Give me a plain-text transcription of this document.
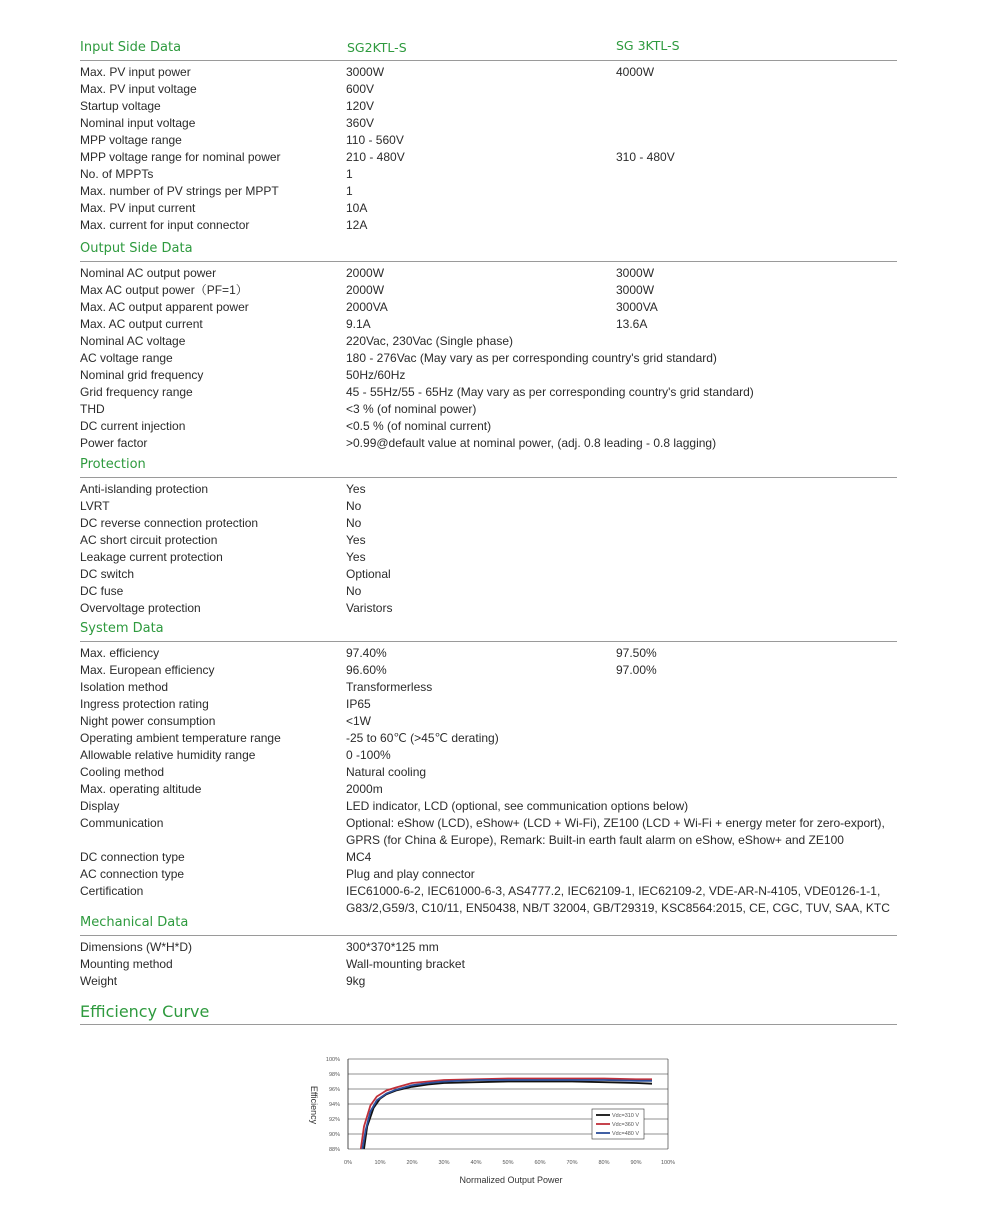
Input Side Data	SG2KTL-S	SG 3KTL-S
Max. PV input power	3000W	4000W
Max. PV input voltage	600V
Startup voltage	120V
Nominal input voltage	360V
MPP voltage range	110 - 560V
MPP voltage range for nominal power	210 - 480V	310 - 480V
No. of MPPTs	1
Max. number of PV strings per MPPT	1
Max. PV input current	10A
Max. current for input connector	12A
Output Side Data
Nominal AC output power	2000W	3000W
Max AC output power（PF=1）	2000W	3000W
Max. AC output apparent power	2000VA	3000VA
Max. AC output current	9.1A	13.6A
Nominal AC voltage	220Vac, 230Vac (Single phase)
AC voltage range	180 - 276Vac (May vary as per corresponding country's grid standard)
Nominal grid frequency	50Hz/60Hz
Grid frequency range	45 - 55Hz/55 - 65Hz (May vary as per corresponding country's grid standard)
THD	<3 % (of nominal power)
DC current injection	<0.5 % (of nominal current)
Power factor	>0.99@default value at nominal power, (adj. 0.8 leading - 0.8 lagging)
Protection
Anti-islanding protection	Yes
LVRT	No
DC reverse connection protection	No
AC short circuit protection	Yes
Leakage current protection	Yes
DC switch	Optional
DC fuse	No
Overvoltage protection	Varistors
System Data
Max. efficiency	97.40%	97.50%
Max. European efficiency	96.60%	97.00%
Isolation method	Transformerless
Ingress protection rating	IP65
Night power consumption	<1W
Operating ambient temperature range	-25 to 60℃ (>45℃ derating)
Allowable relative humidity range	0 -100%
Cooling method	Natural cooling
Max. operating altitude	2000m
Display	LED indicator, LCD (optional, see communication options below)
Communication	Optional: eShow (LCD), eShow+ (LCD + Wi-Fi), ZE100 (LCD + Wi-Fi + energy meter for zero-export),
GPRS (for China & Europe), Remark: Built-in earth fault alarm on eShow, eShow+ and ZE100
DC connection type	MC4
AC connection type	Plug and play connector
Certification	IEC61000-6-2, IEC61000-6-3, AS4777.2, IEC62109-1, IEC62109-2, VDE-AR-N-4105, VDE0126-1-1,
G83/2,G59/3, C10/11, EN50438, NB/T 32004, GB/T29319, KSC8564:2015, CE, CGC, TUV, SAA, KTC
Mechanical Data
Dimensions (W*H*D)	300*370*125 mm
Mounting method	Wall-mounting bracket
Weight	9kg
Efficiency Curve
88%
90%
92%
94%
96%
98%
100%
0%	10%	20%	30%	40%	50%	60%	70%	80%	90%	100%
Vdc=310 V
Vdc=360 V
Vdc=480 V
Normalized Output Power
Efficiency
